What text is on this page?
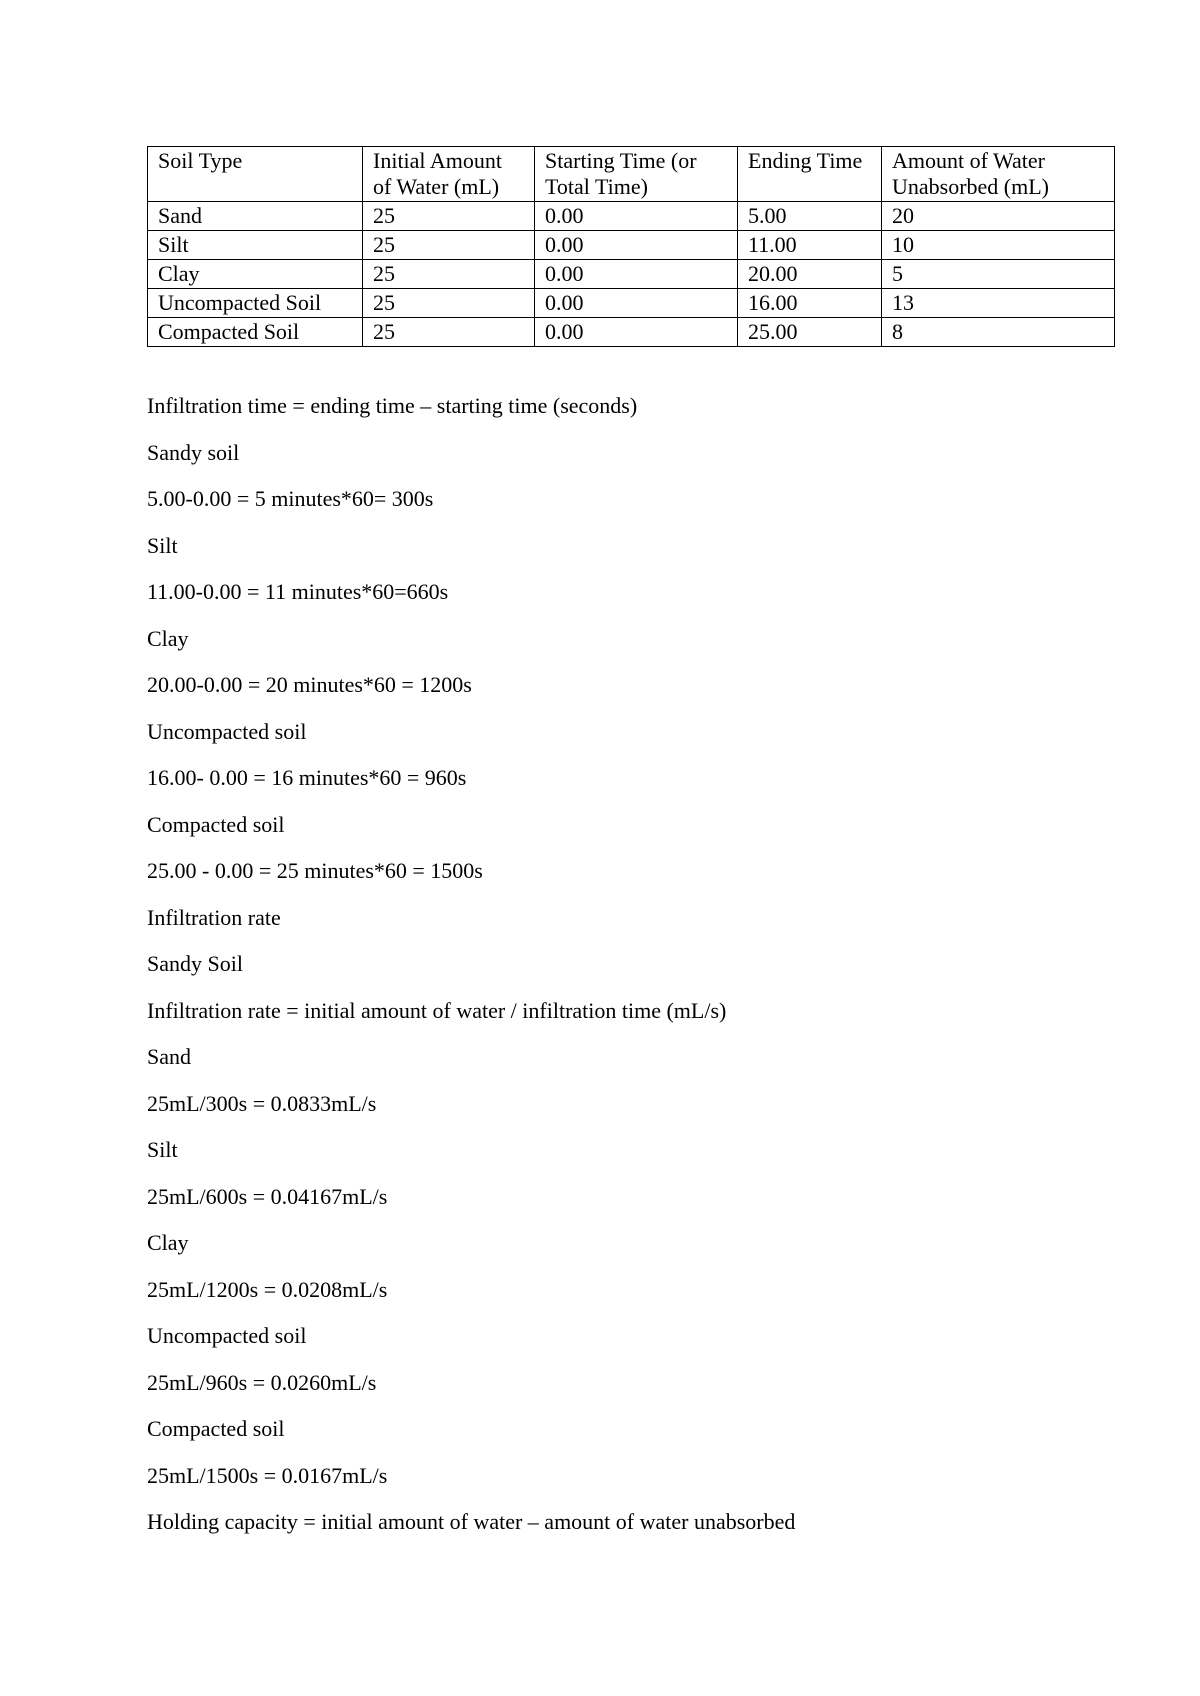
Soil Type	Initial Amount of Water (mL)	Starting Time (or Total Time)	Ending Time	Amount of Water Unabsorbed (mL)
Sand	25	0.00	5.00	20
Silt	25	0.00	11.00	10
Clay	25	0.00	20.00	5
Uncompacted Soil	25	0.00	16.00	13
Compacted Soil	25	0.00	25.00	8
Infiltration time = ending time – starting time (seconds)
Sandy soil
5.00-0.00 = 5 minutes*60= 300s
Silt
11.00-0.00 = 11 minutes*60=660s
Clay
20.00-0.00 = 20 minutes*60 = 1200s
Uncompacted soil
16.00- 0.00 = 16 minutes*60 = 960s
Compacted soil
25.00 - 0.00 = 25 minutes*60 = 1500s
Infiltration rate
Sandy Soil
Infiltration rate = initial amount of water / infiltration time (mL/s)
Sand
25mL/300s = 0.0833mL/s
Silt
25mL/600s = 0.04167mL/s
Clay
25mL/1200s = 0.0208mL/s
Uncompacted soil
25mL/960s = 0.0260mL/s
Compacted soil
25mL/1500s = 0.0167mL/s
Holding capacity = initial amount of water – amount of water unabsorbed
